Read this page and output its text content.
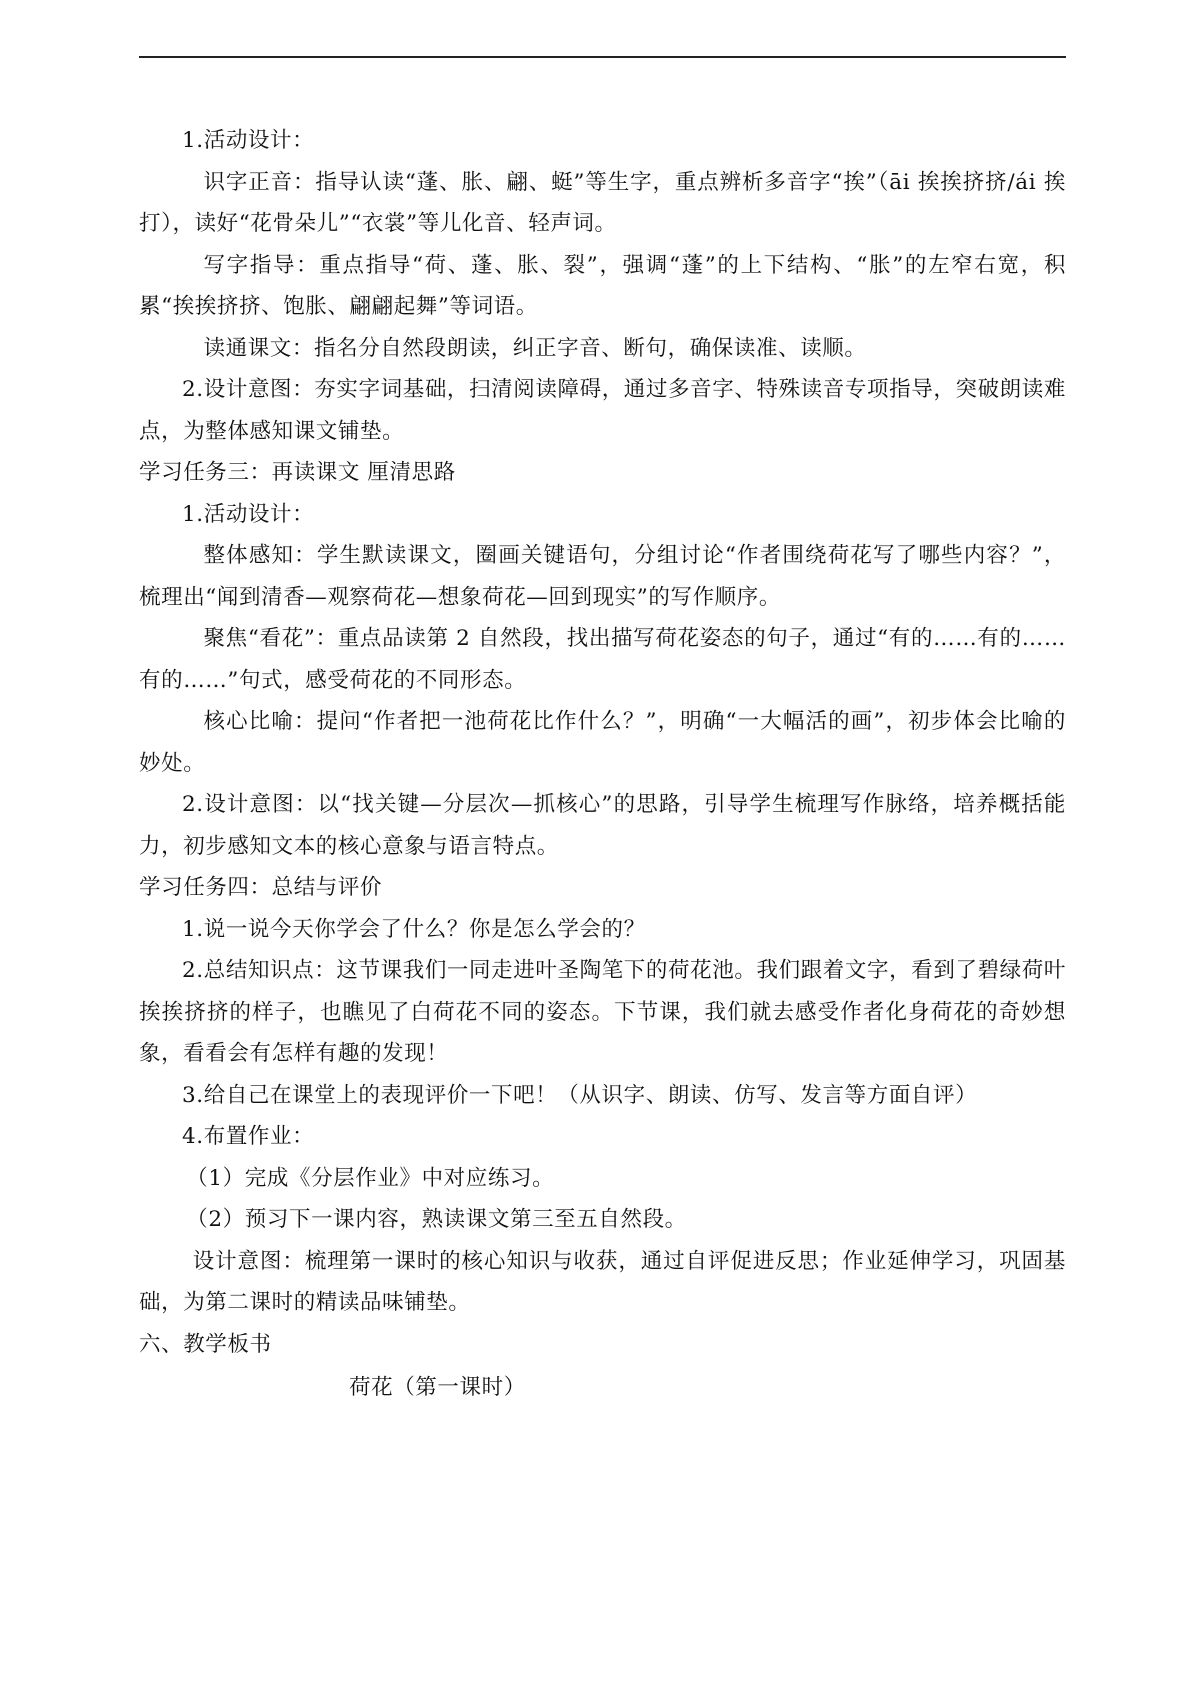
1.活动设计：

识字正音：指导认读“蓬、胀、翩、蜓”等生字，重点辨析多音字“挨”（āi 挨挨挤挤/ái 挨打），读好“花骨朵儿”“衣裳”等儿化音、轻声词。

写字指导：重点指导“荷、蓬、胀、裂”，强调“蓬”的上下结构、“胀”的左窄右宽，积累“挨挨挤挤、饱胀、翩翩起舞”等词语。

读通课文：指名分自然段朗读，纠正字音、断句，确保读准、读顺。

2.设计意图：夯实字词基础，扫清阅读障碍，通过多音字、特殊读音专项指导，突破朗读难点，为整体感知课文铺垫。

学习任务三：再读课文 厘清思路

1.活动设计：

整体感知：学生默读课文，圈画关键语句，分组讨论“作者围绕荷花写了哪些内容？”，梳理出“闻到清香—观察荷花—想象荷花—回到现实”的写作顺序。

聚焦“看花”：重点品读第 2 自然段，找出描写荷花姿态的句子，通过“有的……有的……有的……”句式，感受荷花的不同形态。

核心比喻：提问“作者把一池荷花比作什么？”，明确“一大幅活的画”，初步体会比喻的妙处。

2.设计意图：以“找关键—分层次—抓核心”的思路，引导学生梳理写作脉络，培养概括能力，初步感知文本的核心意象与语言特点。

学习任务四：总结与评价

1.说一说今天你学会了什么？你是怎么学会的？

2.总结知识点：这节课我们一同走进叶圣陶笔下的荷花池。我们跟着文字，看到了碧绿荷叶挨挨挤挤的样子，也瞧见了白荷花不同的姿态。下节课，我们就去感受作者化身荷花的奇妙想象，看看会有怎样有趣的发现！

3.给自己在课堂上的表现评价一下吧！（从识字、朗读、仿写、发言等方面自评）

4.布置作业：

（1）完成《分层作业》中对应练习。

（2）预习下一课内容，熟读课文第三至五自然段。

设计意图：梳理第一课时的核心知识与收获，通过自评促进反思；作业延伸学习，巩固基础，为第二课时的精读品味铺垫。

六、教学板书

荷花（第一课时）
